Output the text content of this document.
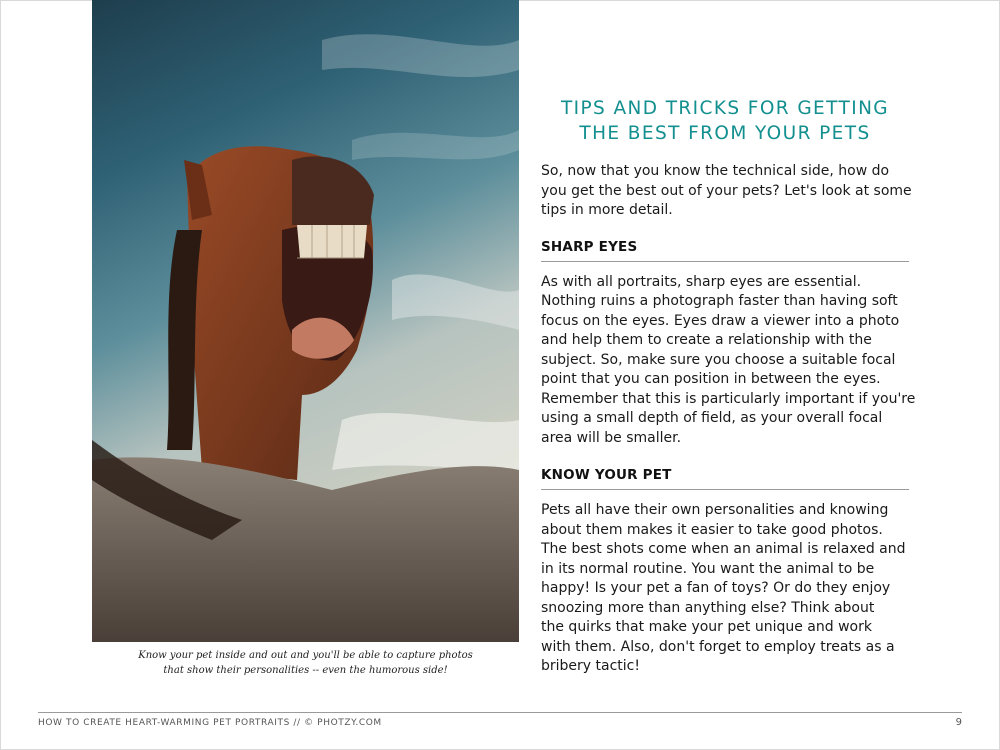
Know your pet inside and out and you'll be able to capture photos
that show their personalities -- even the humorous side!
TIPS AND TRICKS FOR GETTING
THE BEST FROM YOUR PETS

So, now that you know the technical side, how do
you get the best out of your pets? Let's look at some
tips in more detail.

SHARP EYES

As with all portraits, sharp eyes are essential.
Nothing ruins a photograph faster than having soft
focus on the eyes. Eyes draw a viewer into a photo
and help them to create a relationship with the
subject. So, make sure you choose a suitable focal
point that you can position in between the eyes.
Remember that this is particularly important if you're
using a small depth of field, as your overall focal
area will be smaller.

KNOW YOUR PET

Pets all have their own personalities and knowing
about them makes it easier to take good photos.
The best shots come when an animal is relaxed and
in its normal routine. You want the animal to be
happy! Is your pet a fan of toys? Or do they enjoy
snoozing more than anything else? Think about
the quirks that make your pet unique and work
with them. Also, don't forget to employ treats as a
bribery tactic!

HOW TO CREATE HEART-WARMING PET PORTRAITS // © PHOTZY.COM	9
